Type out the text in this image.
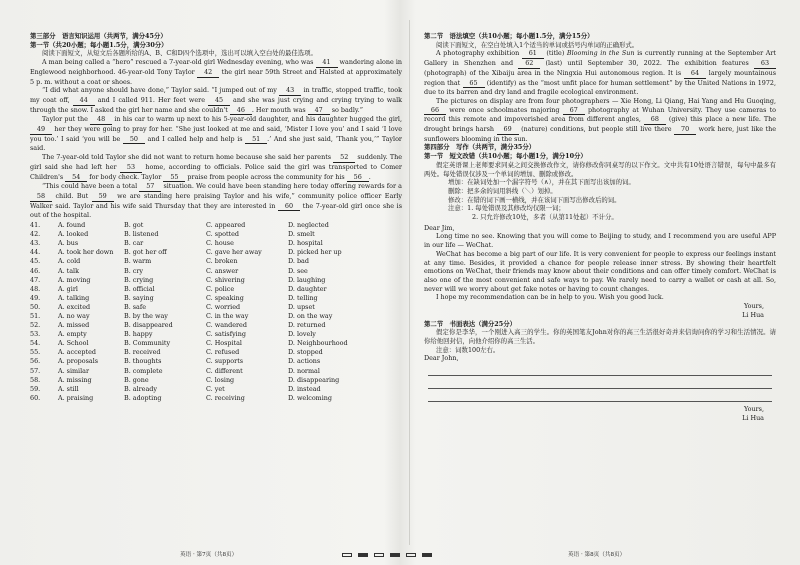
第三部分　语言知识运用（共两节，满分45分）

第一节（共20小题；每小题1.5分，满分30分）

阅读下面短文，从短文后各题所给的A、B、C和D四个选项中，选出可以填入空白处的最佳选项。

A man being called a “hero” rescued a 7-year-old girl Wednesday evening, who was 41 wandering alone in Englewood neighborhood. 46-year-old Tony Taylor 42 the girl near 59th Street and Halsted at approximately 5 p. m. without a coat or shoes.

“I did what anyone should have done,” Taylor said. “I jumped out of my 43 in traffic, stopped traffic, took my coat off, 44 and I called 911. Her feet were 45 and she was just crying and crying trying to walk through the snow. I asked the girl her name and she couldn't 46 . Her mouth was 47 so badly.”

Taylor put the 48 in his car to warm up next to his 5-year-old daughter, and his daughter hugged the girl, 49 her they were going to pray for her. “She just looked at me and said, ‘Mister I love you’ and I said ‘I love you too.’ I said ‘you will be 50 and I called help and help is 51 .’ And she just said, ‘Thank you,’” Taylor said.

The 7-year-old told Taylor she did not want to return home because she said her parents 52 suddenly. The girl said she had left her 53 home, according to officials. Police said the girl was transported to Comer Children's 54 for body check. Taylor 55 praise from people across the community for his 56 .

“This could have been a total 57 situation. We could have been standing here today offering rewards for a 58 child. But 59 we are standing here praising Taylor and his wife,” community police officer Early Walker said. Taylor and his wife said Thursday that they are interested in 60 the 7-year-old girl once she is out of the hospital.

41.	A. found	B. got	C. appeared	D. neglected
42.	A. looked	B. listened	C. spotted	D. smelt
43.	A. bus	B. car	C. house	D. hospital
44.	A. took her down	B. got her off	C. gave her away	D. picked her up
45.	A. cold	B. warm	C. broken	D. bad
46.	A. talk	B. cry	C. answer	D. see
47.	A. moving	B. crying	C. shivering	D. laughing
48.	A. girl	B. official	C. police	D. daughter
49.	A. talking	B. saying	C. speaking	D. telling
50.	A. excited	B. safe	C. worried	D. upset
51.	A. no way	B. by the way	C. in the way	D. on the way
52.	A. missed	B. disappeared	C. wandered	D. returned
53.	A. empty	B. happy	C. satisfying	D. lovely
54.	A. School	B. Community	C. Hospital	D. Neighbourhood
55.	A. accepted	B. received	C. refused	D. stopped
56.	A. proposals	B. thoughts	C. supports	D. actions
57.	A. similar	B. complete	C. different	D. normal
58.	A. missing	B. gone	C. losing	D. disappearing
59.	A. still	B. already	C. yet	D. instead
60.	A. praising	B. adopting	C. receiving	D. welcoming

第二节　语法填空（共10小题；每小题1.5分，满分15分）

阅读下面短文，在空白处填入1个适当的单词或括号内单词的正确形式。

A photography exhibition 61 (title) Blooming in the Sun is currently running at the September Art Gallery in Shenzhen and 62 (last) until September 30, 2022. The exhibition features 63 (photograph) of the Xibaiju area in the Ningxia Hui autonomous region. It is 64 largely mountainous region that 65 (identify) as the “most unfit place for human settlement” by the United Nations in 1972, due to its barren and dry land and fragile ecological environment.

The pictures on display are from four photographers — Xie Hong, Li Qiang, Hai Yang and Hu Guoqing, 66 were once schoolmates majoring 67 photography at Wuhan University. They use cameras to record this remote and impoverished area from different angles, 68 (give) this place a new life. The drought brings harsh 69 (nature) conditions, but people still live there 70 work here, just like the sunflowers blooming in the sun.

第四部分　写作（共两节，满分35分）

第一节　短文改错（共10小题；每小题1分，满分10分）

假定英语课上老师要求同桌之间交换修改作文，请你修改你同桌写的以下作文。文中共有10处语言错误，每句中最多有两处。每处错误仅涉及一个单词的增加、删除或修改。

增加：在缺词处加一个漏字符号（∧），并在其下面写出该加的词。

删除：把多余的词用斜线（＼）划掉。

修改：在错的词下画一横线，并在该词下面写出修改后的词。

注意：1. 每处错误及其修改均仅限一词；

2. 只允许修改10处，多者（从第11处起）不计分。

Dear Jim,

Long time no see. Knowing that you will come to Beijing to study, and I recommend you are useful APP in our life — WeChat.

WeChat has become a big part of our life. It is very convenient for people to express our feelings instant at any time. Besides, it provided a chance for people release inner stress. By showing their heartfelt emotions on WeChat, their friends may know about their conditions and can offer timely comfort. WeChat is also one of the most convenient and safe ways to pay. We rarely need to carry a wallet or cash at all. So, never will we worry about get fake notes or having to count changes.

I hope my recommendation can be in help to you. Wish you good luck.

Yours,

Li Hua

第二节　书面表达（满分25分）

假定你是李华，一个刚进入高三的学生。你的英国笔友John对你的高三生活很好奇并来信询问你的学习和生活情况。请你给他回封信，向他介绍你的高三生活。

注意：词数100左右。

Dear John,

Yours,

Li Hua

英语 · 第7页（共8页）	英语 · 第8页（共8页）
